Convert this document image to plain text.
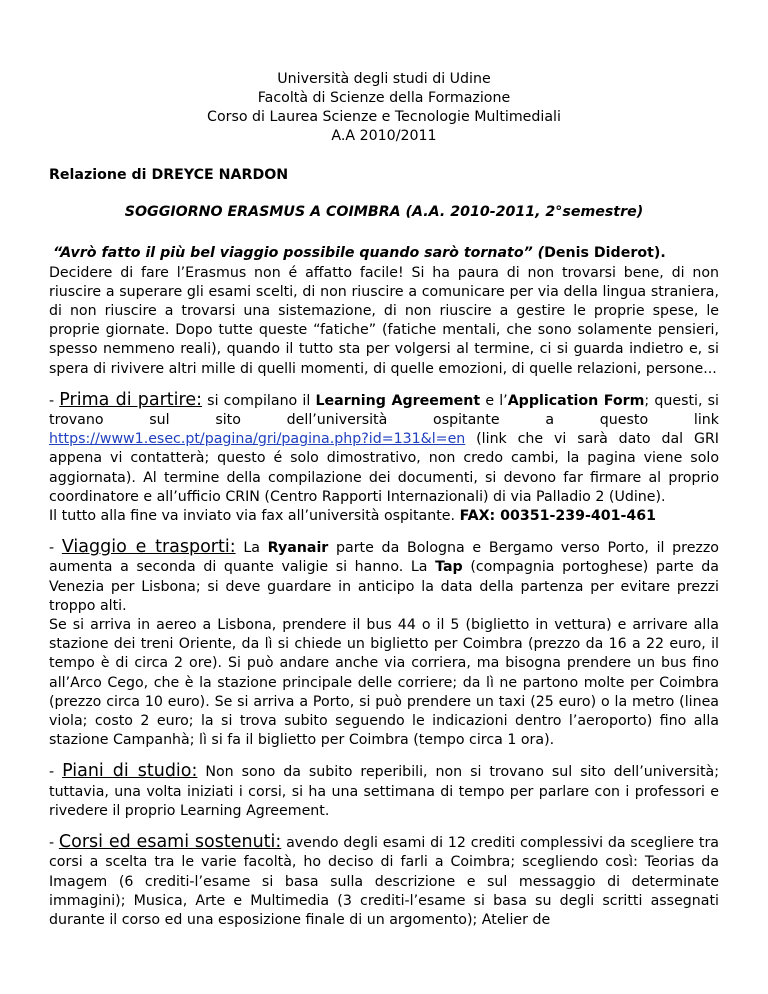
Università degli studi di Udine
Facoltà di Scienze della Formazione
Corso di Laurea Scienze e Tecnologie Multimediali
A.A 2010/2011
Relazione di DREYCE NARDON
SOGGIORNO ERASMUS A COIMBRA (A.A. 2010-2011, 2°semestre)
“Avrò fatto il più bel viaggio possibile quando sarò tornato” (Denis Diderot).

Decidere di fare l’Erasmus non é affatto facile! Si ha paura di non trovarsi bene, di non riuscire a superare gli esami scelti, di non riuscire a comunicare per via della lingua straniera, di non riuscire a trovarsi una sistemazione, di non riuscire a gestire le proprie spese, le proprie giornate. Dopo tutte queste “fatiche” (fatiche mentali, che sono solamente pensieri, spesso nemmeno reali), quando il tutto sta per volgersi al termine, ci si guarda indietro e, si spera di rivivere altri mille di quelli momenti, di quelle emozioni, di quelle relazioni, persone...

- Prima di partire: si compilano il Learning Agreement e l’Application Form; questi, si trovano sul sito dell’università ospitante a questo link https://www1.esec.pt/pagina/gri/pagina.php?id=131&l=en (link che vi sarà dato dal GRI appena vi contatterà; questo é solo dimostrativo, non credo cambi, la pagina viene solo aggiornata). Al termine della compilazione dei documenti, si devono far firmare al proprio coordinatore e all’ufficio CRIN (Centro Rapporti Internazionali) di via Palladio 2 (Udine).
Il tutto alla fine va inviato via fax all’università ospitante. FAX: 00351-239-401-461

- Viaggio e trasporti: La Ryanair parte da Bologna e Bergamo verso Porto, il prezzo aumenta a seconda di quante valigie si hanno. La Tap (compagnia portoghese) parte da Venezia per Lisbona; si deve guardare in anticipo la data della partenza per evitare prezzi troppo alti.

Se si arriva in aereo a Lisbona, prendere il bus 44 o il 5 (biglietto in vettura) e arrivare alla stazione dei treni Oriente, da lì si chiede un biglietto per Coimbra (prezzo da 16 a 22 euro, il tempo è di circa 2 ore). Si può andare anche via corriera, ma bisogna prendere un bus fino all’Arco Cego, che è la stazione principale delle corriere; da lì ne partono molte per Coimbra (prezzo circa 10 euro). Se si arriva a Porto, si può prendere un taxi (25 euro) o la metro (linea viola; costo 2 euro; la si trova subito seguendo le indicazioni dentro l’aeroporto) fino alla stazione Campanhà; lì si fa il biglietto per Coimbra (tempo circa 1 ora).

- Piani di studio: Non sono da subito reperibili, non si trovano sul sito dell’università; tuttavia, una volta iniziati i corsi, si ha una settimana di tempo per parlare con i professori e rivedere il proprio Learning Agreement.

- Corsi ed esami sostenuti: avendo degli esami di 12 crediti complessivi da scegliere tra corsi a scelta tra le varie facoltà, ho deciso di farli a Coimbra; scegliendo così: Teorias da Imagem (6 crediti-l’esame si basa sulla descrizione e sul messaggio di determinate immagini); Musica, Arte e Multimedia (3 crediti-l’esame si basa su degli scritti assegnati durante il corso ed una esposizione finale di un argomento); Atelier de
